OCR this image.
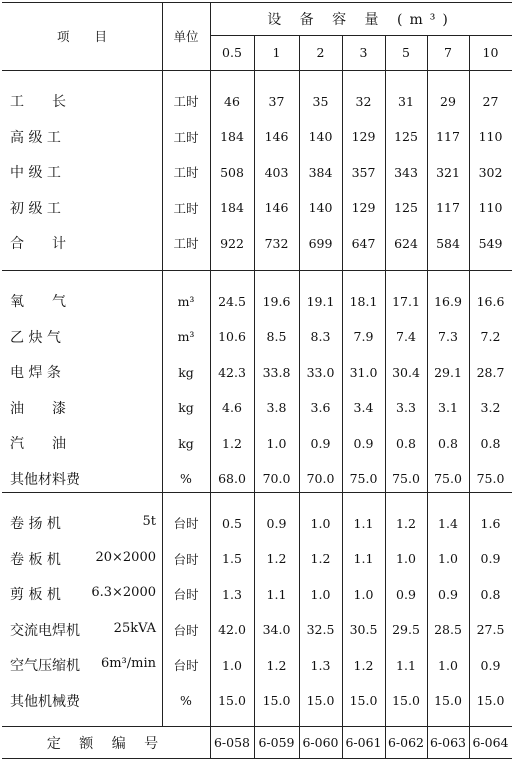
项　　目	单位
设 备 容 量 (m³)
0.5	1	2	3	5	7	10
工　　长	工时	46	37	35	32	31	29	27
高 级 工	工时	184	146	140	129	125	117	110
中 级 工	工时	508	403	384	357	343	321	302
初 级 工	工时	184	146	140	129	125	117	110
合　　计	工时	922	732	699	647	624	584	549
氧　　气	m³	24.5	19.6	19.1	18.1	17.1	16.9	16.6
乙 炔 气	m³	10.6	8.5	8.3	7.9	7.4	7.3	7.2
电 焊 条	kg	42.3	33.8	33.0	31.0	30.4	29.1	28.7
油　　漆	kg	4.6	3.8	3.6	3.4	3.3	3.1	3.2
汽　　油	kg	1.2	1.0	0.9	0.9	0.8	0.8	0.8
其他材料费	%	68.0	70.0	70.0	75.0	75.0	75.0	75.0
卷 扬 机	5t	台时	0.5	0.9	1.0	1.1	1.2	1.4	1.6
卷 板 机	20×2000	台时	1.5	1.2	1.2	1.1	1.0	1.0	0.9
剪 板 机 6.3×2000	台时	1.3	1.1	1.0	1.0	0.9	0.9	0.8
交流电焊机	25kVA	台时	42.0	34.0	32.5	30.5	29.5	28.5	27.5
空气压缩机 6m³/min	台时	1.0	1.2	1.3	1.2	1.1	1.0	0.9
其他机械费	%	15.0	15.0	15.0	15.0	15.0	15.0	15.0
定 额 编 号	6-058 6-059 6-060 6-061 6-062 6-063 6-064
